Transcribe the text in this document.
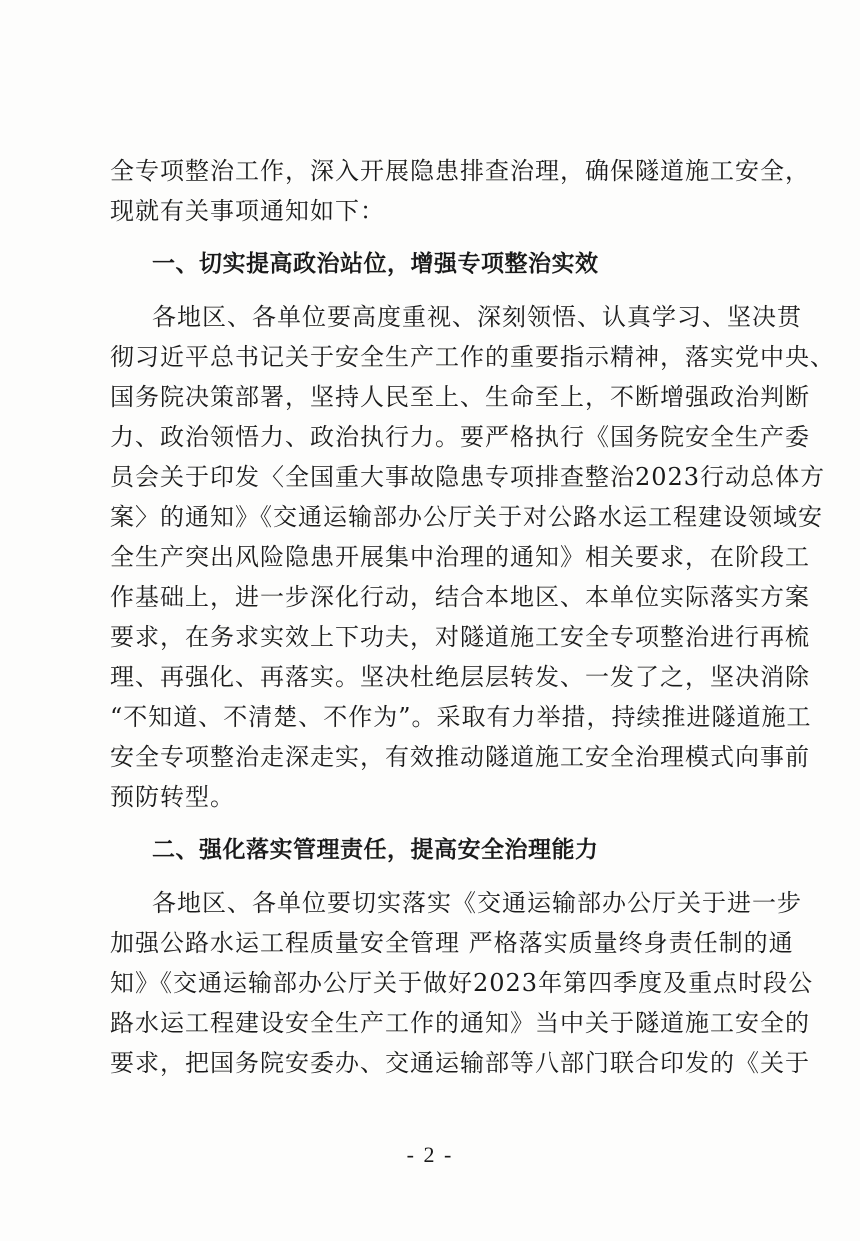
全专项整治工作，深入开展隐患排查治理，确保隧道施工安全，
现就有关事项通知如下：
一、切实提高政治站位，增强专项整治实效
各地区、各单位要高度重视、深刻领悟、认真学习、坚决贯
彻习近平总书记关于安全生产工作的重要指示精神，落实党中央、
国务院决策部署，坚持人民至上、生命至上，不断增强政治判断
力、政治领悟力、政治执行力。要严格执行《国务院安全生产委
员会关于印发〈全国重大事故隐患专项排查整治2023行动总体方
案〉的通知》《交通运输部办公厅关于对公路水运工程建设领域安
全生产突出风险隐患开展集中治理的通知》相关要求，在阶段工
作基础上，进一步深化行动，结合本地区、本单位实际落实方案
要求，在务求实效上下功夫，对隧道施工安全专项整治进行再梳
理、再强化、再落实。坚决杜绝层层转发、一发了之，坚决消除
“不知道、不清楚、不作为”。采取有力举措，持续推进隧道施工
安全专项整治走深走实，有效推动隧道施工安全治理模式向事前
预防转型。
二、强化落实管理责任，提高安全治理能力
各地区、各单位要切实落实《交通运输部办公厅关于进一步
加强公路水运工程质量安全管理 严格落实质量终身责任制的通
知》《交通运输部办公厅关于做好2023年第四季度及重点时段公
路水运工程建设安全生产工作的通知》当中关于隧道施工安全的
要求，把国务院安委办、交通运输部等八部门联合印发的《关于
- 2 -
